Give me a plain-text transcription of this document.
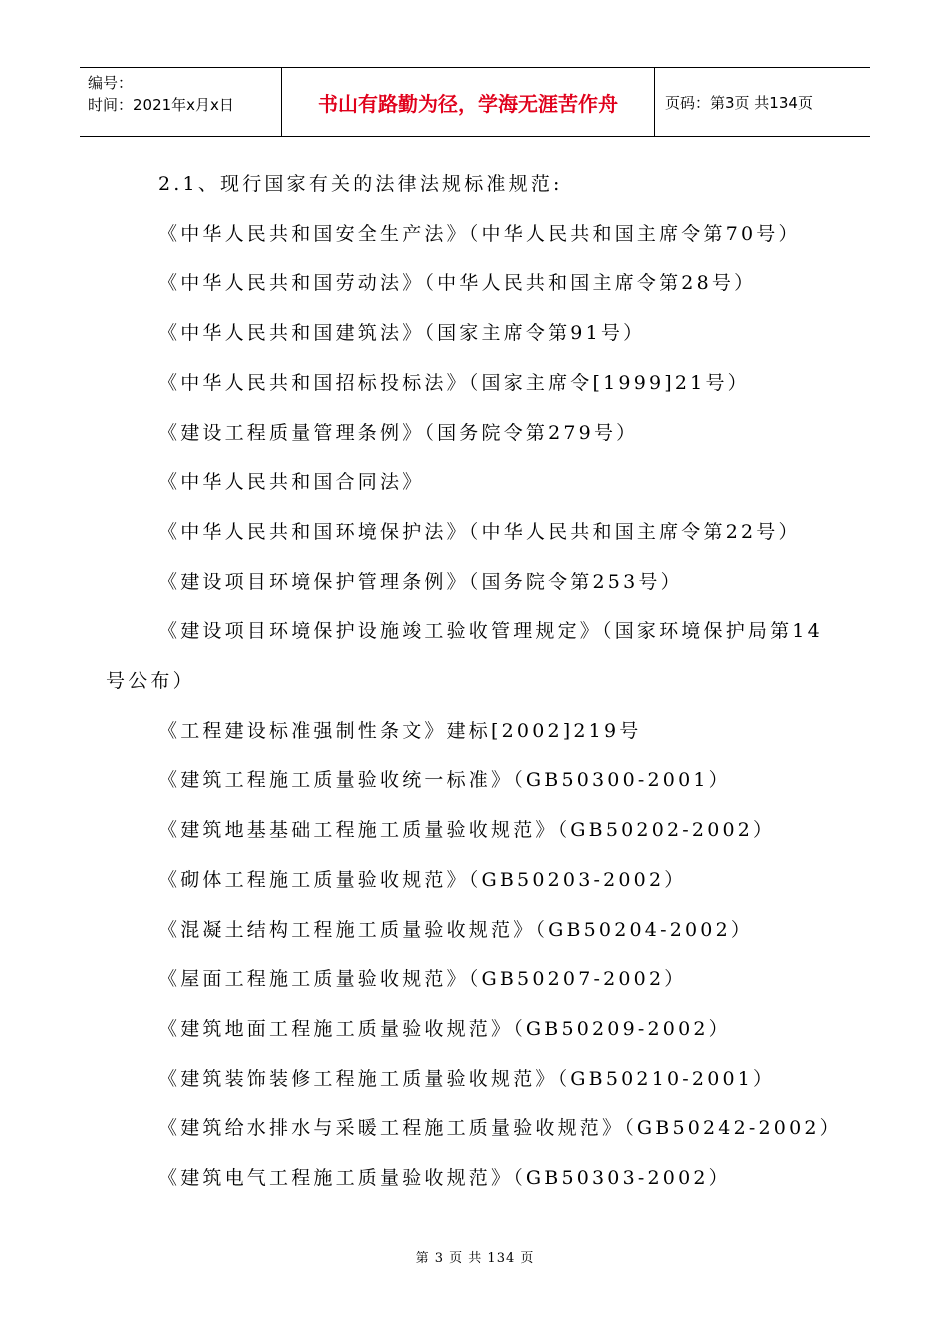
编号：
时间：2021年x月x日	书山有路勤为径，学海无涯苦作舟	页码：第3页 共134页
2.1、现行国家有关的法律法规标准规范:
《中华人民共和国安全生产法》（中华人民共和国主席令第70号）
《中华人民共和国劳动法》（中华人民共和国主席令第28号）
《中华人民共和国建筑法》（国家主席令第91号）
《中华人民共和国招标投标法》（国家主席令[1999]21号）
《建设工程质量管理条例》（国务院令第279号）
《中华人民共和国合同法》
《中华人民共和国环境保护法》（中华人民共和国主席令第22号）
《建设项目环境保护管理条例》（国务院令第253号）
《建设项目环境保护设施竣工验收管理规定》（国家环境保护局第14
号公布）
《工程建设标准强制性条文》建标[2002]219号
《建筑工程施工质量验收统一标准》（GB50300-2001）
《建筑地基基础工程施工质量验收规范》（GB50202-2002）
《砌体工程施工质量验收规范》（GB50203-2002）
《混凝土结构工程施工质量验收规范》（GB50204-2002）
《屋面工程施工质量验收规范》（GB50207-2002）
《建筑地面工程施工质量验收规范》（GB50209-2002）
《建筑装饰装修工程施工质量验收规范》（GB50210-2001）
《建筑给水排水与采暖工程施工质量验收规范》（GB50242-2002）
《建筑电气工程施工质量验收规范》（GB50303-2002）
第 3 页 共 134 页
